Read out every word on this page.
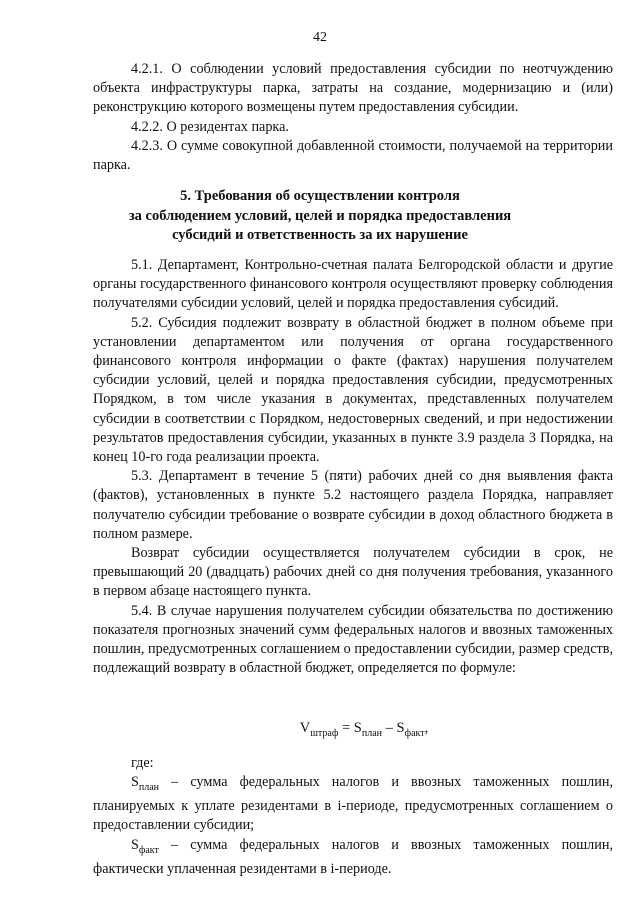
42

4.2.1. О соблюдении условий предоставления субсидии по неотчуждению объекта инфраструктуры парка, затраты на создание, модернизацию и (или) реконструкцию которого возмещены путем предоставления субсидии.

4.2.2. О резидентах парка.

4.2.3. О сумме совокупной добавленной стоимости, получаемой на территории парка.

5. Требования об осуществлении контроля
за соблюдением условий, целей и порядка предоставления
субсидий и ответственность за их нарушение

5.1. Департамент, Контрольно-счетная палата Белгородской области и другие органы государственного финансового контроля осуществляют проверку соблюдения получателями субсидии условий, целей и порядка предоставления субсидий.

5.2. Субсидия подлежит возврату в областной бюджет в полном объеме при установлении департаментом или получения от органа государственного финансового контроля информации о факте (фактах) нарушения получателем субсидии условий, целей и порядка предоставления субсидии, предусмотренных Порядком, в том числе указания в документах, представленных получателем субсидии в соответствии с Порядком, недостоверных сведений, и при недостижении результатов предоставления субсидии, указанных в пункте 3.9 раздела 3 Порядка, на конец 10-го года реализации проекта.

5.3. Департамент в течение 5 (пяти) рабочих дней со дня выявления факта (фактов), установленных в пункте 5.2 настоящего раздела Порядка, направляет получателю субсидии требование о возврате субсидии в доход областного бюджета в полном размере.

Возврат субсидии осуществляется получателем субсидии в срок, не превышающий 20 (двадцать) рабочих дней со дня получения требования, указанного в первом абзаце настоящего пункта.

5.4. В случае нарушения получателем субсидии обязательства по достижению показателя прогнозных значений сумм федеральных налогов и ввозных таможенных пошлин, предусмотренных соглашением о предоставлении субсидии, размер средств, подлежащий возврату в областной бюджет, определяется по формуле:

$V_{штраф} = S_{план} - S_{факт}$,

где:

$S_{план}$ – сумма федеральных налогов и ввозных таможенных пошлин, планируемых к уплате резидентами в i-периоде, предусмотренных соглашением о предоставлении субсидии;

$S_{факт}$ – сумма федеральных налогов и ввозных таможенных пошлин, фактически уплаченная резидентами в i-периоде.
